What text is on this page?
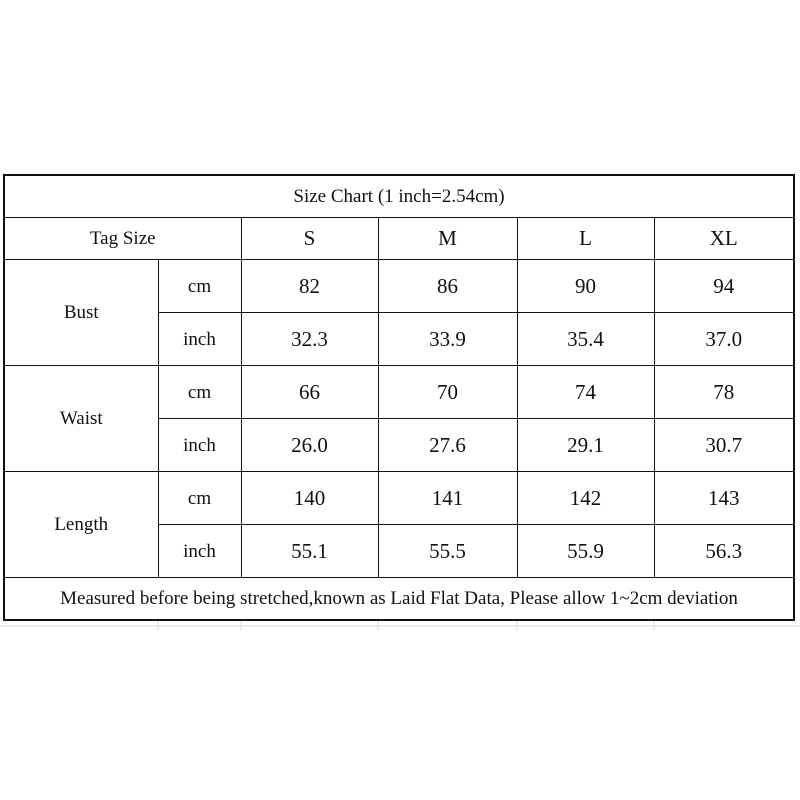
Size Chart (1 inch=2.54cm)					
Tag Size		S	M	L	XL
Bust	cm	82	86	90	94
	inch	32.3	33.9	35.4	37.0
Waist	cm	66	70	74	78
	inch	26.0	27.6	29.1	30.7
Length	cm	140	141	142	143
	inch	55.1	55.5	55.9	56.3
Measured before being stretched,known as Laid Flat Data, Please allow 1~2cm deviation					
